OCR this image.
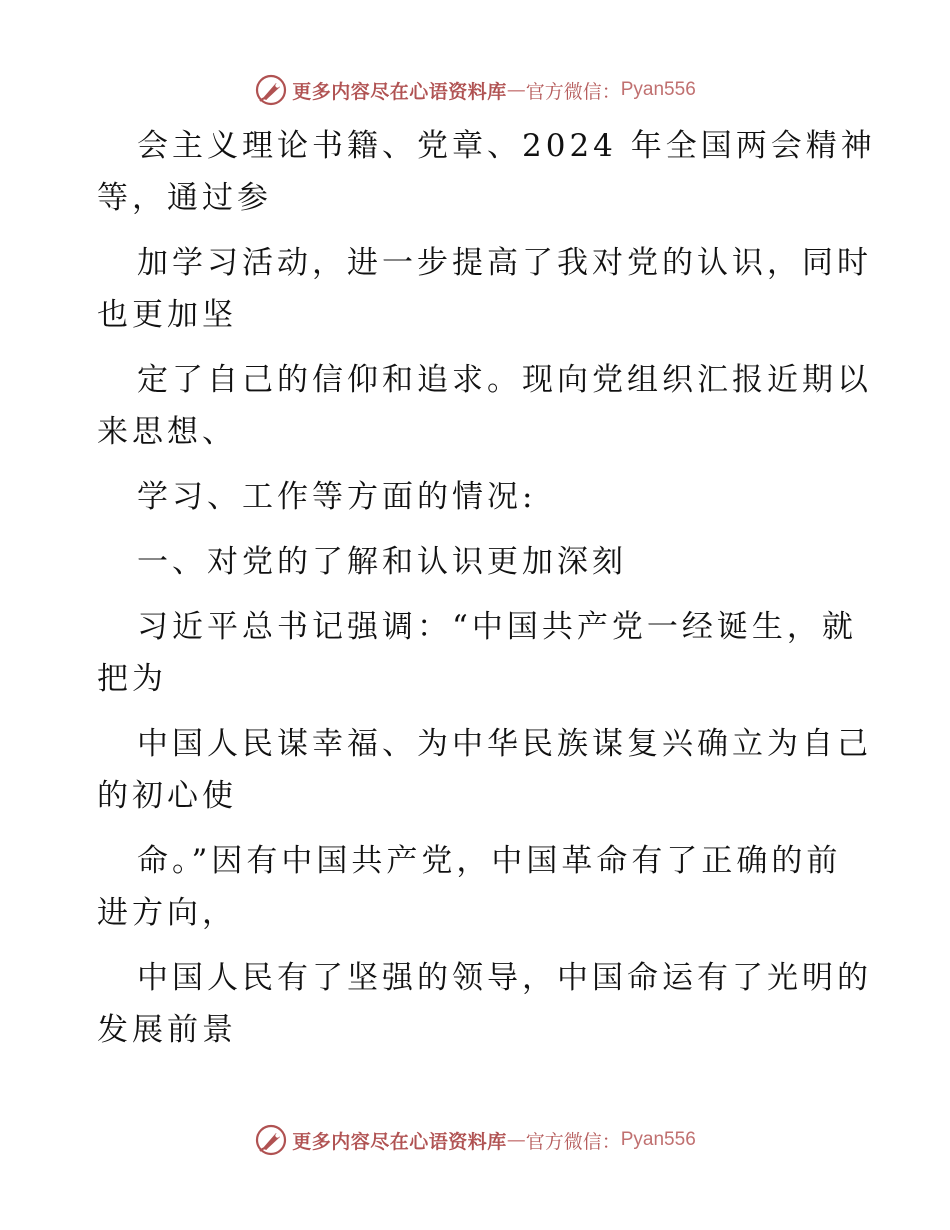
更多内容尽在心语资料库 — 官方微信： Pyan556

会主义理论书籍、党章、2024 年全国两会精神

等，通过参

加学习活动，进一步提高了我对党的认识，同时

也更加坚

定了自己的信仰和追求。现向党组织汇报近期以

来思想、

学习、工作等方面的情况:

一、对党的了解和认识更加深刻

习近平总书记强调：“中国共产党一经诞生，就

把为

中国人民谋幸福、为中华民族谋复兴确立为自己

的初心使

命。”因有中国共产党，中国革命有了正确的前

进方向，

中国人民有了坚强的领导，中国命运有了光明的

发展前景

更多内容尽在心语资料库 — 官方微信： Pyan556
